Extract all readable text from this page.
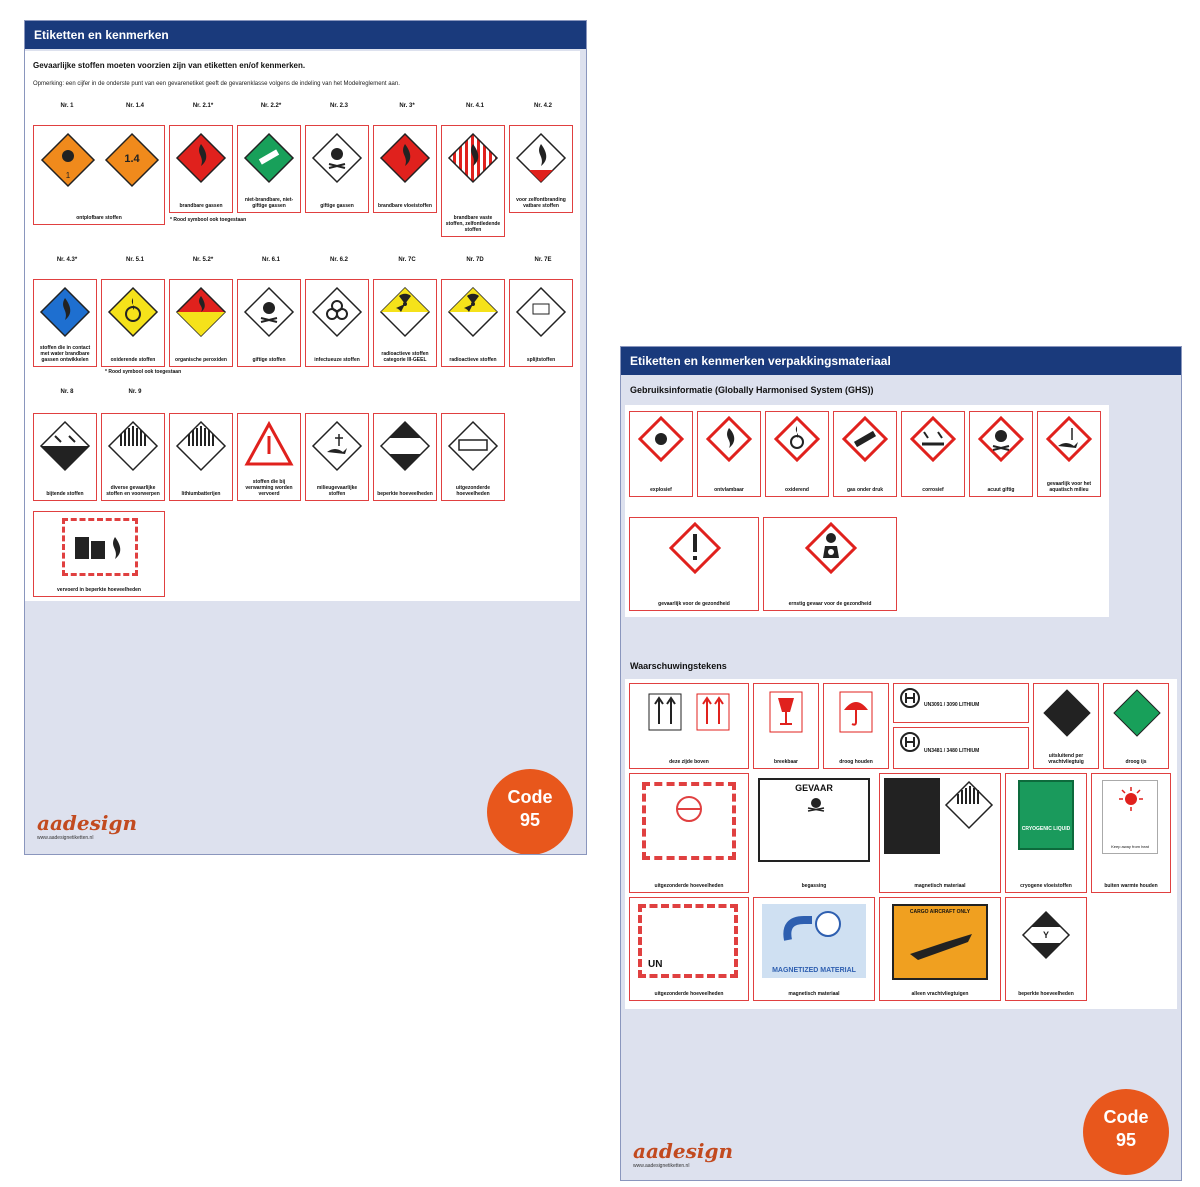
Etiketten en kenmerken
Gevaarlijke stoffen moeten voorzien zijn van etiketten en/of kenmerken.
Opmerking: een cijfer in de onderste punt van een gevarenetiket geeft de gevarenklasse volgens de indeling van het Modelreglement aan.
Nr. 1	Nr. 1.4	Nr. 2.1*	Nr. 2.2*	Nr. 2.3	Nr. 3*	Nr. 4.1	Nr. 4.2
1
1.4
ontplofbare stoffen
brandbare gassen
niet-brandbare, niet-giftige gassen	giftige gassen	brandbare vloeistoffen
brandbare vaste stoffen, zelfontledende stoffen
voor zelfontbranding vatbare stoffen
* Rood symbool ook toegestaan
Nr. 4.3*	Nr. 5.1	Nr. 5.2*	Nr. 6.1	Nr. 6.2	Nr. 7C	Nr. 7D	Nr. 7E
stoffen die in contact met water brandbare gassen ontwikkelen	oxiderende stoffen	organische peroxiden	giftige stoffen	infectueuze stoffen
radioactieve stoffen categorie III-GEEL	radioactieve stoffen	splijtstoffen
* Rood symbool ook toegestaan
Nr. 8	Nr. 9
bijtende stoffen
diverse gevaarlijke stoffen en voorwerpen	lithiumbatterijen
stoffen die bij verwarming worden vervoerd
milieugevaarlijke stoffen	beperkte hoeveelheden
uitgezonderde hoeveelheden
vervoerd in beperkte hoeveelheden
Code
95
aadesign
www.aadesignetiketten.nl
Etiketten en kenmerken verpakkingsmateriaal
Gebruiksinformatie (Globally Harmonised System (GHS))
explosief	ontvlambaar	oxiderend	gas onder druk	corrosief	acuut giftig
gevaarlijk voor het aquatisch milieu
gevaarlijk voor de gezondheid	ernstig gevaar voor de gezondheid
Waarschuwingstekens
deze zijde boven	breekbaar	droog houden
UN3091 / 3090 LITHIUM
UN3481 / 3480 LITHIUM
uitsluitend per vrachtvliegtuig	droog ijs
uitgezonderde hoeveelheden
GEVAAR
begassing	magnetisch materiaal
CRYOGENIC LIQUID
cryogene vloeistoffen
Keep away from heat
buiten warmte houden
UN
uitgezonderde hoeveelheden
MAGNETIZED MATERIAL
magnetisch materiaal
CARGO AIRCRAFT ONLY
alleen vrachtvliegtuigen
Y
beperkte hoeveelheden
Code
95
aadesign
www.aadesignetiketten.nl
